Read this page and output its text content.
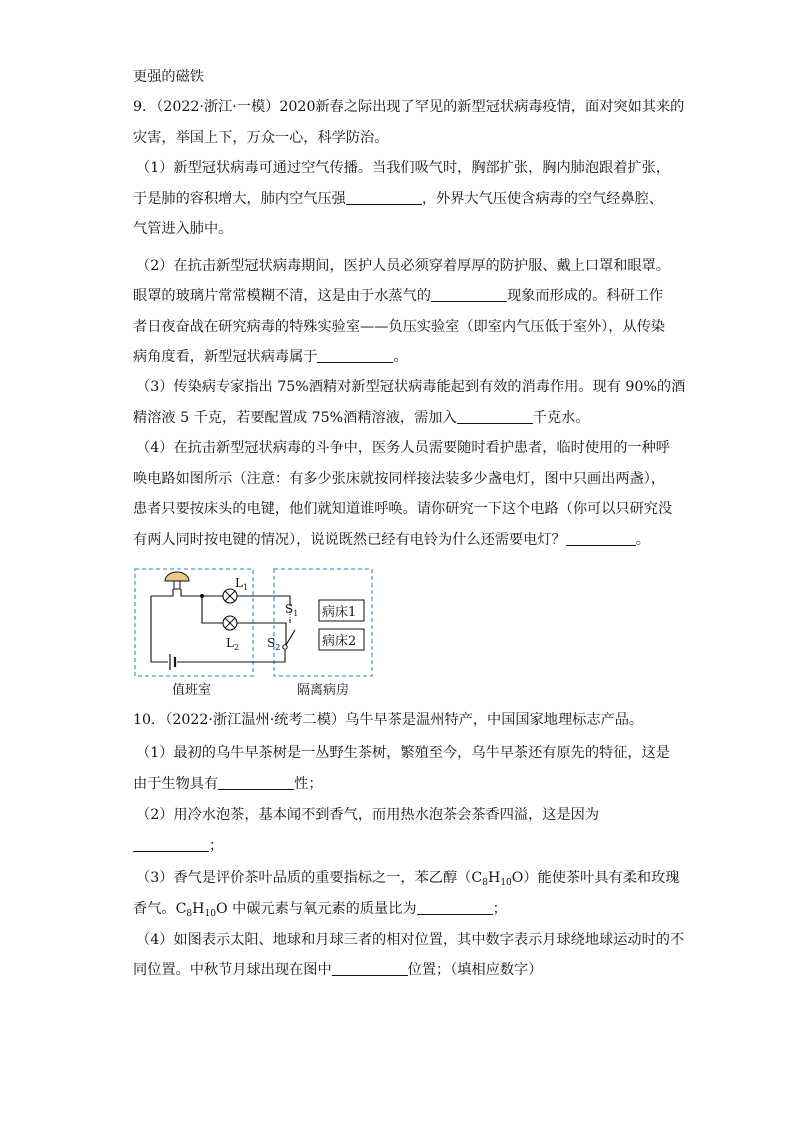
更强的磁铁
9．（2022·浙江·一模）2020新春之际出现了罕见的新型冠状病毒疫情，面对突如其来的
灾害，举国上下，万众一心，科学防治。
（1）新型冠状病毒可通过空气传播。当我们吸气时，胸部扩张，胸内肺泡跟着扩张，
于是肺的容积增大，肺内空气压强	，外界大气压使含病毒的空气经鼻腔、
气管进入肺中。
（2）在抗击新型冠状病毒期间，医护人员必须穿着厚厚的防护服、戴上口罩和眼罩。
眼罩的玻璃片常常模糊不清，这是由于水蒸气的	现象而形成的。科研工作
者日夜奋战在研究病毒的特殊实验室——负压实验室（即室内气压低于室外），从传染
病角度看，新型冠状病毒属于	。
（3）传染病专家指出 75%酒精对新型冠状病毒能起到有效的消毒作用。现有 90%的酒
精溶液 5 千克，若要配置成 75%酒精溶液，需加入	千克水。
（4）在抗击新型冠状病毒的斗争中，医务人员需要随时看护患者，临时使用的一种呼
唤电路如图所示（注意：有多少张床就按同样接法装多少盏电灯，图中只画出两盏），
患者只要按床头的电键，他们就知道谁呼唤。请你研究一下这个电路（你可以只研究没
有两人同时按电键的情况），说说既然已经有电铃为什么还需要电灯？	。
$L_1$
$L_2$
$S_1$
$S_2$
病床1
病床2
值班室	隔离病房
10．（2022·浙江温州·统考二模）乌牛早茶是温州特产，中国国家地理标志产品。
（1）最初的乌牛早茶树是一丛野生茶树，繁殖至今，乌牛早茶还有原先的特征，这是
由于生物具有	性；
（2）用冷水泡茶，基本闻不到香气，而用热水泡茶会茶香四溢，这是因为
；
（3）香气是评价茶叶品质的重要指标之一，苯乙醇$(C_8H_{10}O)$能使茶叶具有柔和玫瑰
香气。$C_8H_{10}O$ 中碳元素与氧元素的质量比为	；
（4）如图表示太阳、地球和月球三者的相对位置，其中数字表示月球绕地球运动时的不
同位置。中秋节月球出现在图中	位置；（填相应数字）
